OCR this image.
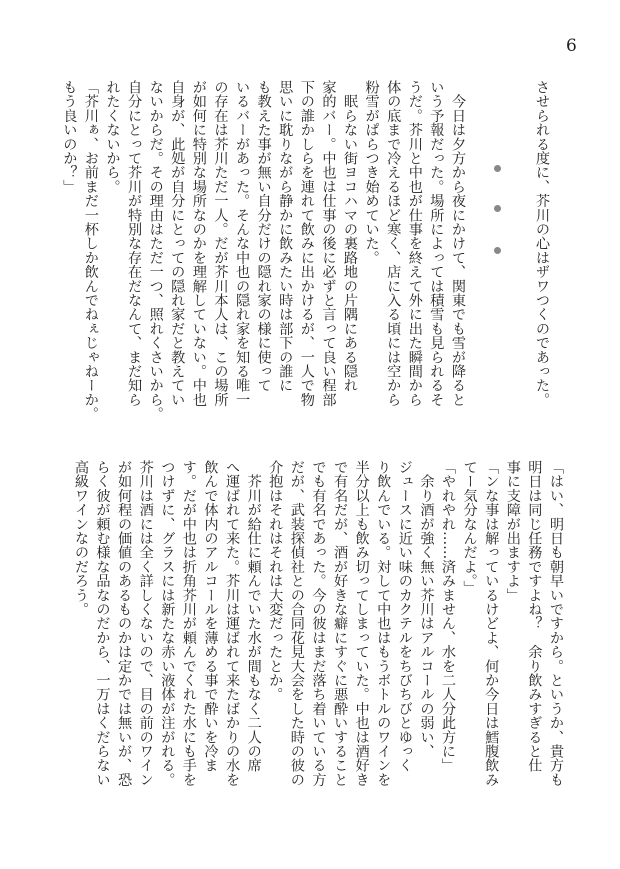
6
させられる度に、芥川の心はザワつくのであった。
　今日は夕方から夜にかけて、関東でも雪が降ると
いう予報だった。場所によっては積雪も見られるそ
うだ。芥川と中也が仕事を終えて外に出た瞬間から
体の底まで冷えるほど寒く、店に入る頃には空から
粉雪がぱらつき始めていた。
　眠らない街ヨコハマの裏路地の片隅にある隠れ
家的バー。中也は仕事の後に必ずと言って良い程部
下の誰かしらを連れて飲みに出かけるが、一人で物
思いに耽りながら静かに飲みたい時は部下の誰に
も教えた事が無い自分だけの隠れ家の様に使って
いるバーがあった。そんな中也の隠れ家を知る唯一
の存在は芥川ただ一人。だが芥川本人は、この場所
が如何に特別な場所なのかを理解していない。中也
自身が、此処が自分にとっての隠れ家だと教えてい
ないからだ。その理由はただ一つ、照れくさいから。
自分にとって芥川が特別な存在だなんて、まだ知ら
れたくないから。
「芥川ぁ、お前まだ一杯しか飲んでねぇじゃねーか。
もう良いのか？」
「はい、明日も朝早いですから。というか、貴方も
明日は同じ任務ですよね？　余り飲みすぎると仕
事に支障が出ますよ」
「ンな事は解っているけどよ、何か今日は鱈腹飲み
てー気分なんだよ。」
「やれやれ……済みません、水を二人分此方に」
　余り酒が強く無い芥川はアルコールの弱い、
ジュースに近い味のカクテルをちびちびとゆっく
り飲んでいる。対して中也はもうボトルのワインを
半分以上も飲み切ってしまっていた。中也は酒好き
で有名だが、酒が好きな癖にすぐに悪酔いすること
でも有名であった。今の彼はまだ落ち着いている方
だが、武装探偵社との合同花見大会をした時の彼の
介抱はそれはそれは大変だったとか。
　芥川が給仕に頼んでいた水が間もなく二人の席
へ運ばれて来た。芥川は運ばれて来たばかりの水を
飲んで体内のアルコールを薄める事で酔いを冷ま
す。だが中也は折角芥川が頼んでくれた水にも手を
つけずに、グラスには新たな赤い液体が注がれる。
芥川は酒には全く詳しくないので、目の前のワイン
が如何程の価値のあるものかは定かでは無いが、恐
らく彼が頼む様な品なのだから、一万はくだらない
高級ワインなのだろう。
